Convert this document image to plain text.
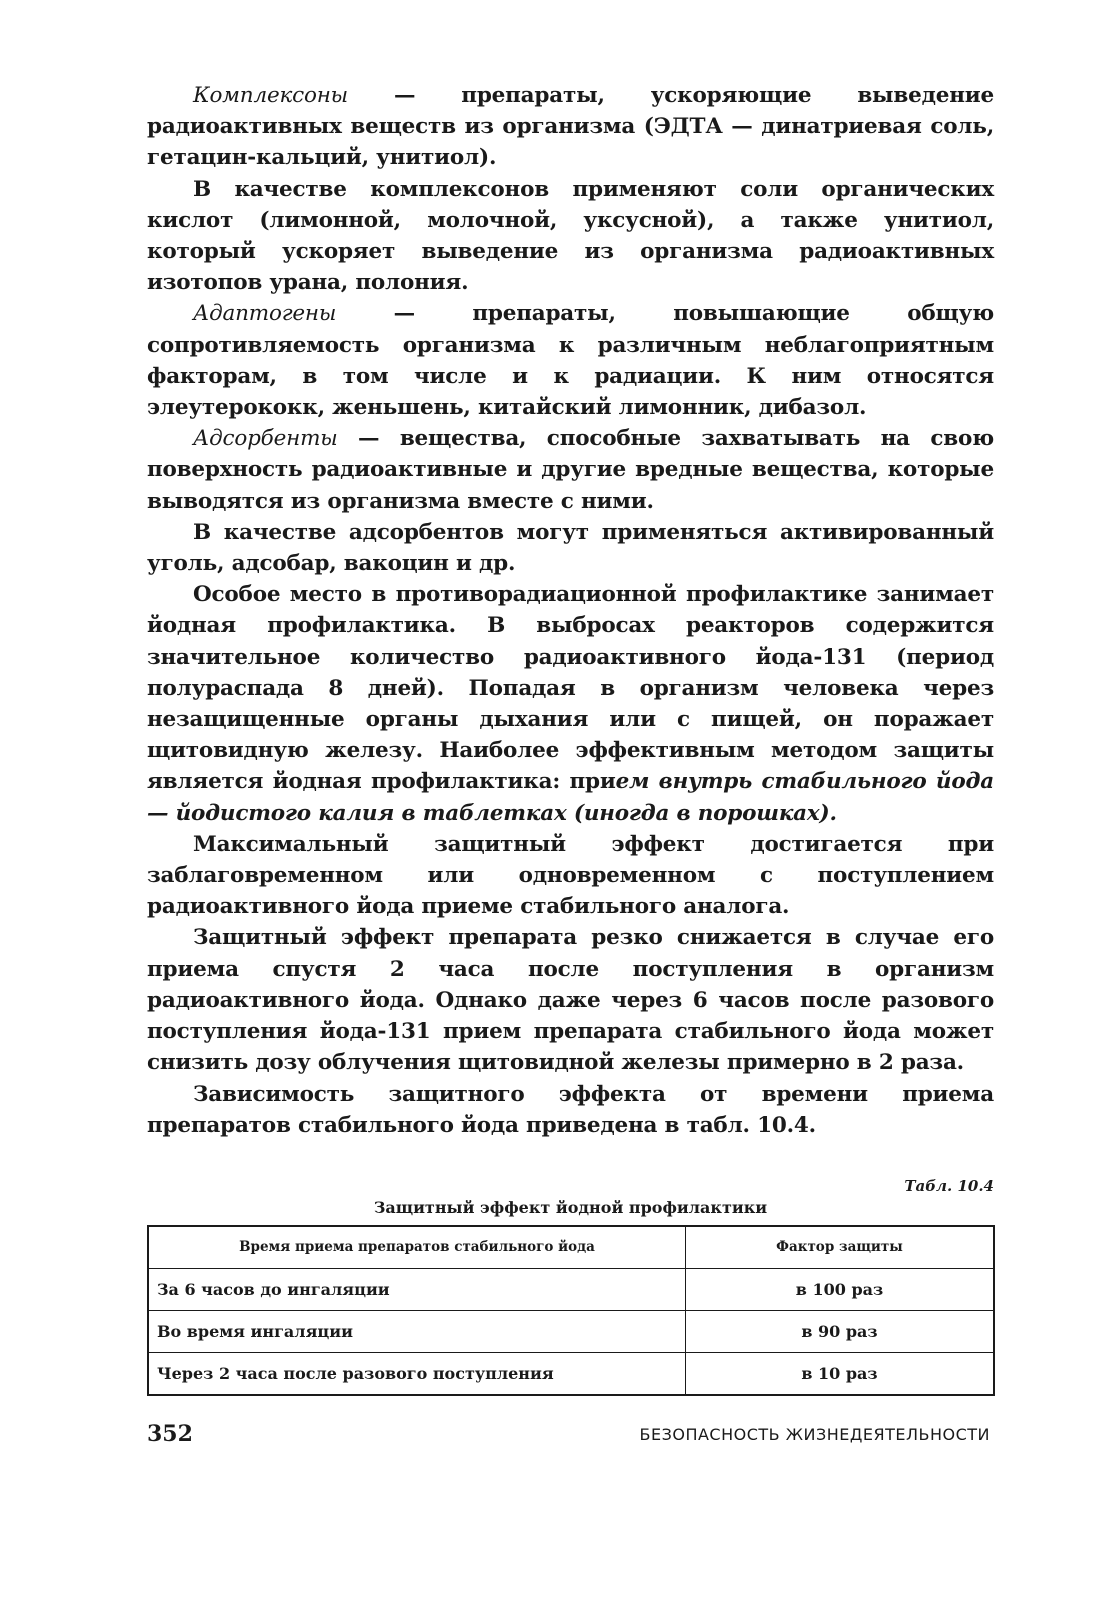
Комплексоны — препараты, ускоряющие выведение радиоактивных веществ из организма (ЭДТА — динатриевая соль, гетацин-кальций, унитиол).

В качестве комплексонов применяют соли органических кислот (лимонной, молочной, уксусной), а также унитиол, который ускоряет выведение из организма радиоактивных изотопов урана, полония.

Адаптогены — препараты, повышающие общую сопротивляемость организма к различным неблагоприятным факторам, в том числе и к радиации. К ним относятся элеутерококк, женьшень, китайский лимонник, дибазол.

Адсорбенты — вещества, способные захватывать на свою поверхность радиоактивные и другие вредные вещества, которые выводятся из организма вместе с ними.

В качестве адсорбентов могут применяться активированный уголь, адсобар, вакоцин и др.

Особое место в противорадиационной профилактике занимает йодная профилактика. В выбросах реакторов содержится значительное количество радиоактивного йода-131 (период полураспада 8 дней). Попадая в организм человека через незащищенные органы дыхания или с пищей, он поражает щитовидную железу. Наиболее эффективным методом защиты является йодная профилактика: прием внутрь стабильного йода — йодистого калия в таблетках (иногда в порошках).

Максимальный защитный эффект достигается при заблаговременном или одновременном с поступлением радиоактивного йода приеме стабильного аналога.

Защитный эффект препарата резко снижается в случае его приема спустя 2 часа после поступления в организм радиоактивного йода. Однако даже через 6 часов после разового поступления йода-131 прием препарата стабильного йода может снизить дозу облучения щитовидной железы примерно в 2 раза.

Зависимость защитного эффекта от времени приема препаратов стабильного йода приведена в табл. 10.4.

Табл. 10.4
Защитный эффект йодной профилактики
Время приема препаратов стабильного йода	Фактор защиты
За 6 часов до ингаляции	в 100 раз
Во время ингаляции	в 90 раз
Через 2 часа после разового поступления	в 10 раз
352	БЕЗОПАСНОСТЬ ЖИЗНЕДЕЯТЕЛЬНОСТИ
